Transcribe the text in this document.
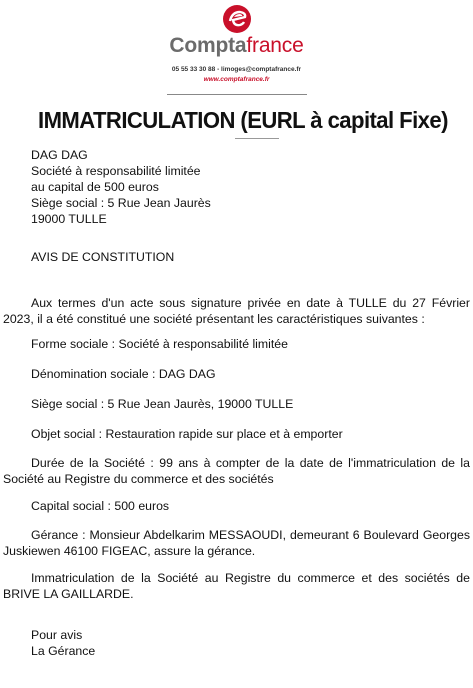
Comptafrance
05 55 33 30 88 - limoges@comptafrance.fr
www.comptafrance.fr
IMMATRICULATION (EURL à capital Fixe)
DAG DAG
Société à responsabilité limitée
au capital de 500 euros
Siège social : 5 Rue Jean Jaurès
19000 TULLE
AVIS DE CONSTITUTION
Aux termes d'un acte sous signature privée en date à TULLE du 27 Février 2023, il a été constitué une société présentant les caractéristiques suivantes :
Forme sociale : Société à responsabilité limitée
Dénomination sociale : DAG DAG
Siège social : 5 Rue Jean Jaurès, 19000 TULLE
Objet social : Restauration rapide sur place et à emporter
Durée de la Société : 99 ans à compter de la date de l'immatriculation de la Société au Registre du commerce et des sociétés
Capital social : 500 euros
Gérance : Monsieur Abdelkarim MESSAOUDI, demeurant 6 Boulevard Georges Juskiewen 46100 FIGEAC, assure la gérance.
Immatriculation de la Société au Registre du commerce et des sociétés de BRIVE LA GAILLARDE.
Pour avis
La Gérance
